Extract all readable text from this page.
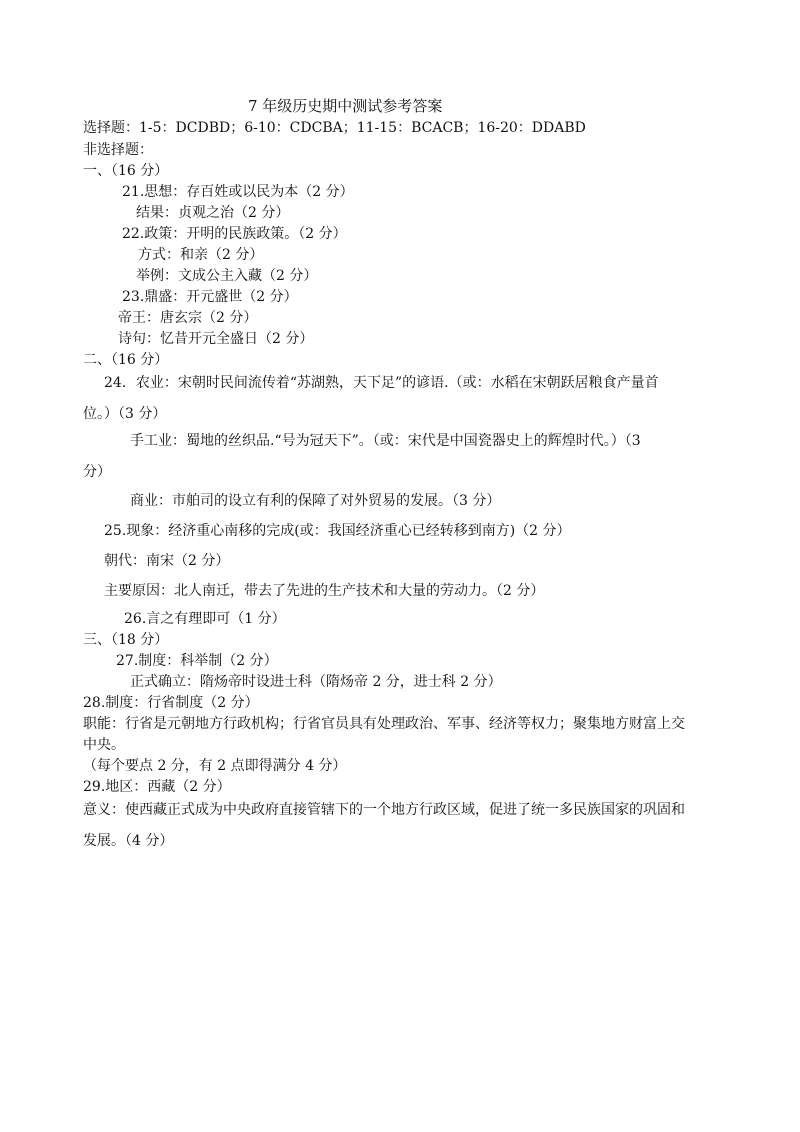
7 年级历史期中测试参考答案
选择题：1-5：DCDBD；6-10：CDCBA；11-15：BCACB；16-20：DDABD
非选择题：
一、（16 分）
21.思想：存百姓或以民为本（2 分）
结果：贞观之治（2 分）
22.政策：开明的民族政策。（2 分）
方式：和亲（2 分）
举例：文成公主入藏（2 分）
23.鼎盛：开元盛世（2 分）
帝王：唐玄宗（2 分）
诗句：忆昔开元全盛日（2 分）
二、（16 分）
24．农业：宋朝时民间流传着“苏湖熟，天下足”的谚语.（或：水稻在宋朝跃居粮食产量首
位。）（3 分）
手工业：蜀地的丝织品.“号为冠天下”。（或：宋代是中国瓷器史上的辉煌时代。）（3
分）
商业：市舶司的设立有利的保障了对外贸易的发展。（3 分）
25.现象：经济重心南移的完成(或：我国经济重心已经转移到南方)（2 分）
朝代：南宋（2 分）
主要原因：北人南迁，带去了先进的生产技术和大量的劳动力。（2 分）
26.言之有理即可（1 分）
三、（18 分）
27.制度：科举制（2 分）
正式确立：隋炀帝时设进士科（隋炀帝 2 分，进士科 2 分）
28.制度：行省制度（2 分）
职能：行省是元朝地方行政机构；行省官员具有处理政治、军事、经济等权力；聚集地方财富上交
中央。
（每个要点 2 分，有 2 点即得满分 4 分）
29.地区：西藏（2 分）
意义：使西藏正式成为中央政府直接管辖下的一个地方行政区域，促进了统一多民族国家的巩固和
发展。（4 分）
